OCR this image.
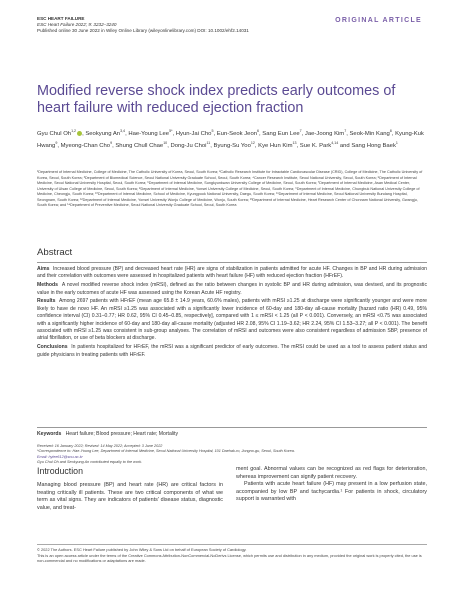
ESC HEART FAILURE
ESC Heart Failure 2022; 9: 3232–3240
Published online 30 June 2022 in Wiley Online Library (wileyonlinelibrary.com) DOI: 10.1002/ehf2.14031
ORIGINAL ARTICLE
Modified reverse shock index predicts early outcomes of heart failure with reduced ejection fraction
Gyu Chul Oh$^{1,2}$ , Seokyung An$^{3,4}$, Hae-Young Lee$^{5*}$, Hyun-Jai Cho$^5$, Eun-Seok Jeon$^6$, Sang Eun Lee$^7$, Jae-Joong Kim$^7$, Seok-Min Kang$^8$, Kyung-Kuk Hwang$^9$, Myeong-Chan Cho$^9$, Shung Chull Chae$^{10}$, Dong-Ju Choi$^{11}$, Byung-Su Yoo$^{12}$, Kye Hun Kim$^{13}$, Sue K. Park$^{4,14}$ and Sang Hong Baek$^1$
¹Department of Internal Medicine, College of Medicine, The Catholic University of Korea, Seoul, South Korea; ²Catholic Research Institute for Intractable Cardiovascular Disease (CRID), College of Medicine, The Catholic University of Korea, Seoul, South Korea; ³Department of Biomedical Science, Seoul National University Graduate School, Seoul, South Korea; ⁴Cancer Research Institute, Seoul National University, Seoul, South Korea; ⁵Department of Internal Medicine, Seoul National University Hospital, Seoul, South Korea; ⁶Department of Internal Medicine, Sungkyunkwan University College of Medicine, Seoul, South Korea; ⁷Department of Internal Medicine, Asan Medical Center, University of Ulsan College of Medicine, Seoul, South Korea; ⁸Department of Internal Medicine, Yonsei University College of Medicine, Seoul, South Korea; ⁹Department of Internal Medicine, Chungbuk National University College of Medicine, Cheongju, South Korea; ¹⁰Department of Internal Medicine, School of Medicine, Kyungpook National University, Daegu, South Korea; ¹¹Department of Internal Medicine, Seoul National University Bundang Hospital, Seongnam, South Korea; ¹²Department of Internal Medicine, Yonsei University Wonju College of Medicine, Wonju, South Korea; ¹³Department of Internal Medicine, Heart Research Center of Chonnam National University, Gwangju, South Korea; and ¹⁴Department of Preventive Medicine, Seoul National University Graduate School, Seoul, South Korea
Abstract

Aims Increased blood pressure (BP) and decreased heart rate (HR) are signs of stabilization in patients admitted for acute HF. Changes in BP and HR during admission and their correlation with outcomes were assessed in hospitalized patients with heart failure (HF) with reduced ejection fraction (HFrEF).

Methods A novel modified reverse shock index (mRSI), defined as the ratio between changes in systolic BP and HR during admission, was devised, and its prognostic value in the early outcomes of acute HF was assessed using the Korean Acute HF registry.

Results Among 2697 patients with HFrEF (mean age 65.8 ± 14.9 years, 60.6% males), patients with mRSI ≥1.25 at discharge were significantly younger and were more likely to have de novo HF. An mRSI ≥1.25 was associated with a significantly lower incidence of 60-day and 180-day all-cause mortality [hazard ratio (HR) 0.49, 95% confidence interval (CI) 0.31–0.77; HR 0.62, 95% CI 0.45–0.85, respectively], compared with 1 ≤ mRSI < 1.25 (all P < 0.001). Conversely, an mRSI <0.75 was associated with a significantly higher incidence of 60-day and 180-day all-cause mortality (adjusted HR 2.08, 95% CI 1.19–3.62; HR 2.24, 95% CI 1.53–3.27; all P < 0.001). The benefit associated with mRSI ≥1.25 was consistent in sub-group analyses. The correlation of mRSI and outcomes were also consistent regardless of admission SBP, presence of atrial fibrillation, or use of beta blockers at discharge.

Conclusions In patients hospitalized for HFrEF, the mRSI was a significant predictor of early outcomes. The mRSI could be used as a tool to assess patient status and guide physicians in treating patients with HFrEF.

Keywords Heart failure; Blood pressure; Heart rate; Mortality
Received: 16 January 2022; Revised: 14 May 2022; Accepted: 3 June 2022
*Correspondence to: Hae-Young Lee, Department of Internal Medicine, Seoul National University Hospital, 101 Daehak-ro, Jongno-gu, Seoul, South Korea.
Email: hylee612@snu.ac.kr
Gyu Chul Oh and Seokyung An contributed equally to the work.
Introduction

Managing blood pressure (BP) and heart rate (HR) are critical factors in treating critically ill patients. These are two critical components of what we term as vital signs. They are indicators of patients' disease status, diagnostic value, and treat-

ment goal. Abnormal values can be recognized as red flags for deterioration, whereas improvement can signify patient recovery.

Patients with acute heart failure (HF) may present in a low perfusion state, accompanied by low BP and tachycardia.¹ For patients in shock, circulatory support is warranted with

© 2022 The Authors. ESC Heart Failure published by John Wiley & Sons Ltd on behalf of European Society of Cardiology.
This is an open access article under the terms of the Creative Commons Attribution-NonCommercial-NoDerivs License, which permits use and distribution in any medium, provided the original work is properly cited, the use is non-commercial and no modifications or adaptations are made.
